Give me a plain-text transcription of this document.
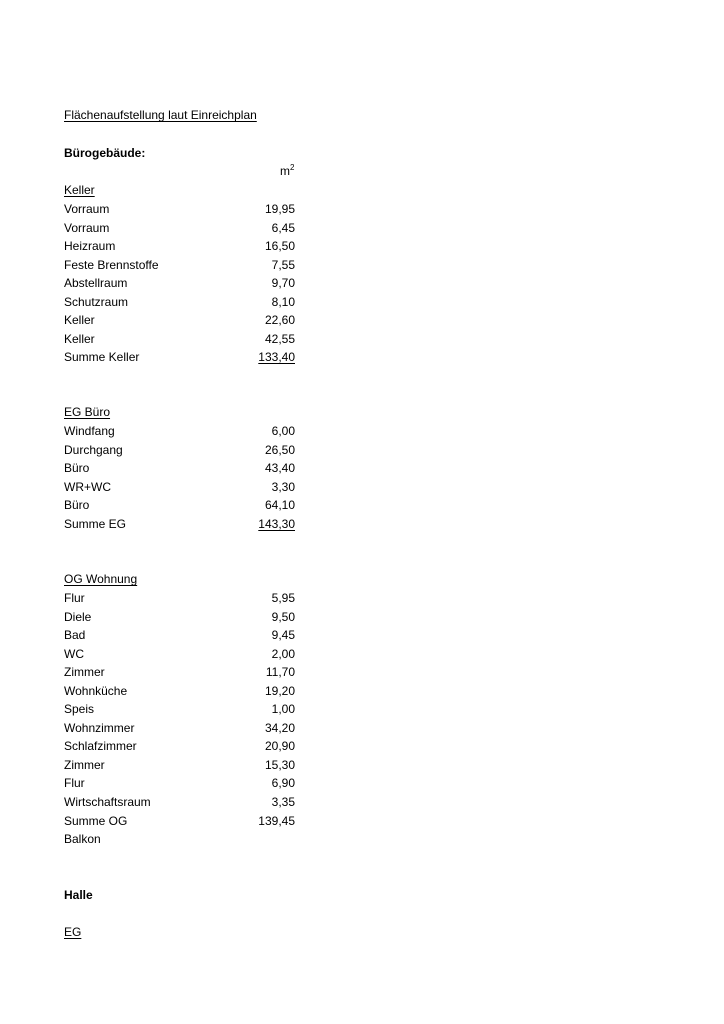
Flächenaufstellung laut Einreichplan
Bürogebäude:
$m^2$
Keller
Vorraum	19,95
Vorraum	6,45
Heizraum	16,50
Feste Brennstoffe	7,55
Abstellraum	9,70
Schutzraum	8,10
Keller	22,60
Keller	42,55
Summe Keller	133,40
EG Büro
Windfang	6,00
Durchgang	26,50
Büro	43,40
WR+WC	3,30
Büro	64,10
Summe EG	143,30
OG Wohnung
Flur	5,95
Diele	9,50
Bad	9,45
WC	2,00
Zimmer	11,70
Wohnküche	19,20
Speis	1,00
Wohnzimmer	34,20
Schlafzimmer	20,90
Zimmer	15,30
Flur	6,90
Wirtschaftsraum	3,35
Summe OG	139,45
Balkon
Halle
EG
